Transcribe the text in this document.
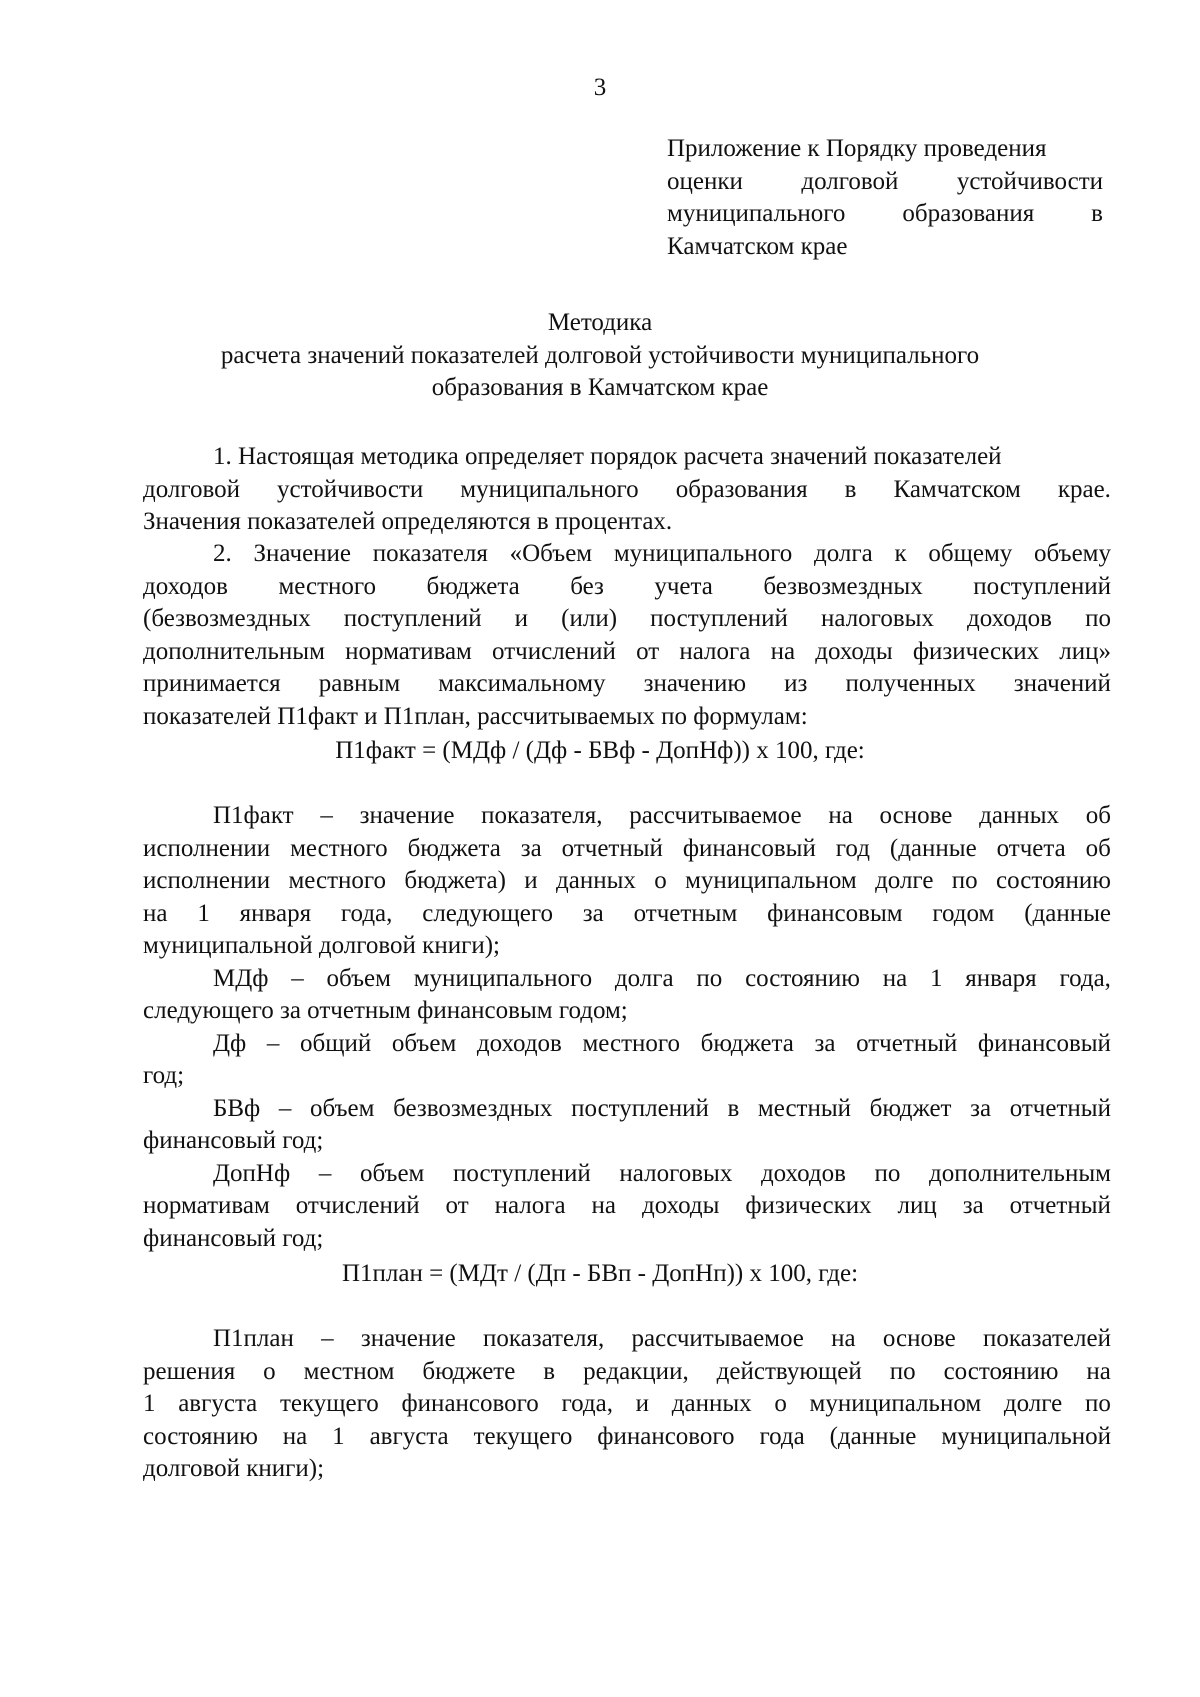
3
Приложение к Порядку проведения
оценки долговой устойчивости
муниципального образования в
Камчатском крае
Методика
расчета значений показателей долговой устойчивости муниципального
образования в Камчатском крае
1. Настоящая методика определяет порядок расчета значений показателей
долговой устойчивости муниципального образования в Камчатском крае.
Значения показателей определяются в процентах.
2. Значение показателя «Объем муниципального долга к общему объему
доходов местного бюджета без учета безвозмездных поступлений
(безвозмездных поступлений и (или) поступлений налоговых доходов по
дополнительным нормативам отчислений от налога на доходы физических лиц»
принимается равным максимальному значению из полученных значений
показателей П1факт и П1план, рассчитываемых по формулам:
П1факт = (МДф / (Дф - БВф - ДопНф)) x 100, где:
П1факт – значение показателя, рассчитываемое на основе данных об
исполнении местного бюджета за отчетный финансовый год (данные отчета об
исполнении местного бюджета) и данных о муниципальном долге по состоянию
на 1 января года, следующего за отчетным финансовым годом (данные
муниципальной долговой книги);
МДф – объем муниципального долга по состоянию на 1 января года,
следующего за отчетным финансовым годом;
Дф – общий объем доходов местного бюджета за отчетный финансовый
год;
БВф – объем безвозмездных поступлений в местный бюджет за отчетный
финансовый год;
ДопНф – объем поступлений налоговых доходов по дополнительным
нормативам отчислений от налога на доходы физических лиц за отчетный
финансовый год;
П1план = (МДт / (Дп - БВп - ДопНп)) x 100, где:
П1план – значение показателя, рассчитываемое на основе показателей
решения о местном бюджете в редакции, действующей по состоянию на
1 августа текущего финансового года, и данных о муниципальном долге по
состоянию на 1 августа текущего финансового года (данные муниципальной
долговой книги);
